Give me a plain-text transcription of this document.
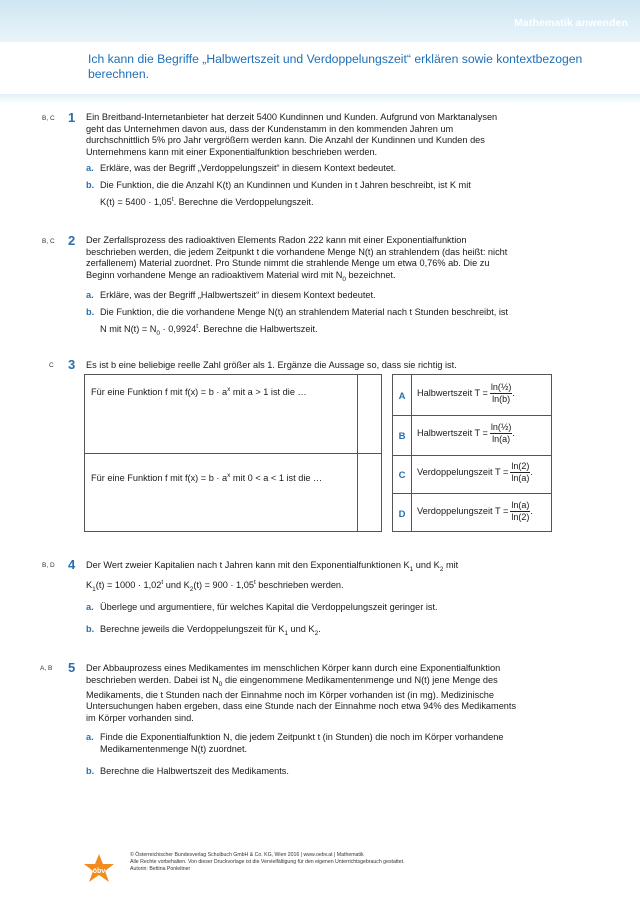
Mathematik anwenden
Ich kann die Begriffe „Halbwertszeit und Verdoppelungszeit“ erklären sowie kontextbezogen berechnen.
B, C 1 Ein Breitband-Internetanbieter hat derzeit 5400 Kundinnen und Kunden. Aufgrund von Marktanalysen
geht das Unternehmen davon aus, dass der Kundenstamm in den kommenden Jahren um
durchschnittlich 5% pro Jahr vergrößern werden kann. Die Anzahl der Kundinnen und Kunden des
Unternehmens kann mit einer Exponentialfunktion beschrieben werden.
a. Erkläre, was der Begriff „Verdoppelungszeit“ in diesem Kontext bedeutet.
b. Die Funktion, die die Anzahl K(t) an Kundinnen und Kunden in t Jahren beschreibt, ist K mit
$K(t) = 5400 \cdot 1,05^t$. Berechne die Verdoppelungszeit.
B, C 2 Der Zerfallsprozess des radioaktiven Elements Radon 222 kann mit einer Exponentialfunktion
beschrieben werden, die jedem Zeitpunkt t die vorhandene Menge N(t) an strahlendem (das heißt: nicht
zerfallenem) Material zuordnet. Pro Stunde nimmt die strahlende Menge um etwa 0,76% ab. Die zu
Beginn vorhandene Menge an radioaktivem Material wird mit $N_0$ bezeichnet.
a. Erkläre, was der Begriff „Halbwertszeit“ in diesem Kontext bedeutet.
b. Die Funktion, die die vorhandene Menge N(t) an strahlendem Material nach t Stunden beschreibt, ist
N mit $N(t) = N_0 \cdot 0,9924^t$. Berechne die Halbwertszeit.
C 3 Es ist b eine beliebige reelle Zahl größer als 1. Ergänze die Aussage so, dass sie richtig ist.
Für eine Funktion f mit $f(x) = b \cdot a^x$ mit a > 1 ist die …
Für eine Funktion f mit $f(x) = b \cdot a^x$ mit 0 < a < 1 ist die …
A	Halbwertszeit $T = \frac{\text{ln(½)}}{\ln(b)}$ .
B	Halbwertszeit $T = \frac{\text{ln(½)}}{\ln(a)}$ .
C	Verdoppelungszeit $T = \frac{\ln(2)}{\ln(a)}$ .
D	Verdoppelungszeit $T = \frac{\ln(a)}{\ln(2)}$ .
B, D 4 Der Wert zweier Kapitalien nach t Jahren kann mit den Exponentialfunktionen $K_1$ und $K_2$ mit
$K_1(t) = 1000 \cdot 1,02^t$ und $K_2(t) = 900 \cdot 1,05^t$ beschrieben werden.
a. Überlege und argumentiere, für welches Kapital die Verdoppelungszeit geringer ist.
b. Berechne jeweils die Verdoppelungszeit für $K_1$ und $K_2$.
A, B 5 Der Abbauprozess eines Medikamentes im menschlichen Körper kann durch eine Exponentialfunktion
beschrieben werden. Dabei ist $N_0$ die eingenommene Medikamentenmenge und N(t) jene Menge des
Medikaments, die t Stunden nach der Einnahme noch im Körper vorhanden ist (in mg). Medizinische
Untersuchungen haben ergeben, dass eine Stunde nach der Einnahme noch etwa 94% des Medikaments
im Körper vorhanden sind.
a. Finde die Exponentialfunktion N, die jedem Zeitpunkt t (in Stunden) die noch im Körper vorhandene
Medikamentenmenge N(t) zuordnet.
b. Berechne die Halbwertszeit des Medikaments.
öbv
© Österreichischer Bundesverlag Schulbuch GmbH & Co. KG, Wien 2016 | www.oebv.at | Mathematik
Alle Rechte vorbehalten. Von dieser Druckvorlage ist die Vervielfältigung für den eigenen Unterrichtsgebrauch gestattet.
Autorin: Bettina Ponleitner
